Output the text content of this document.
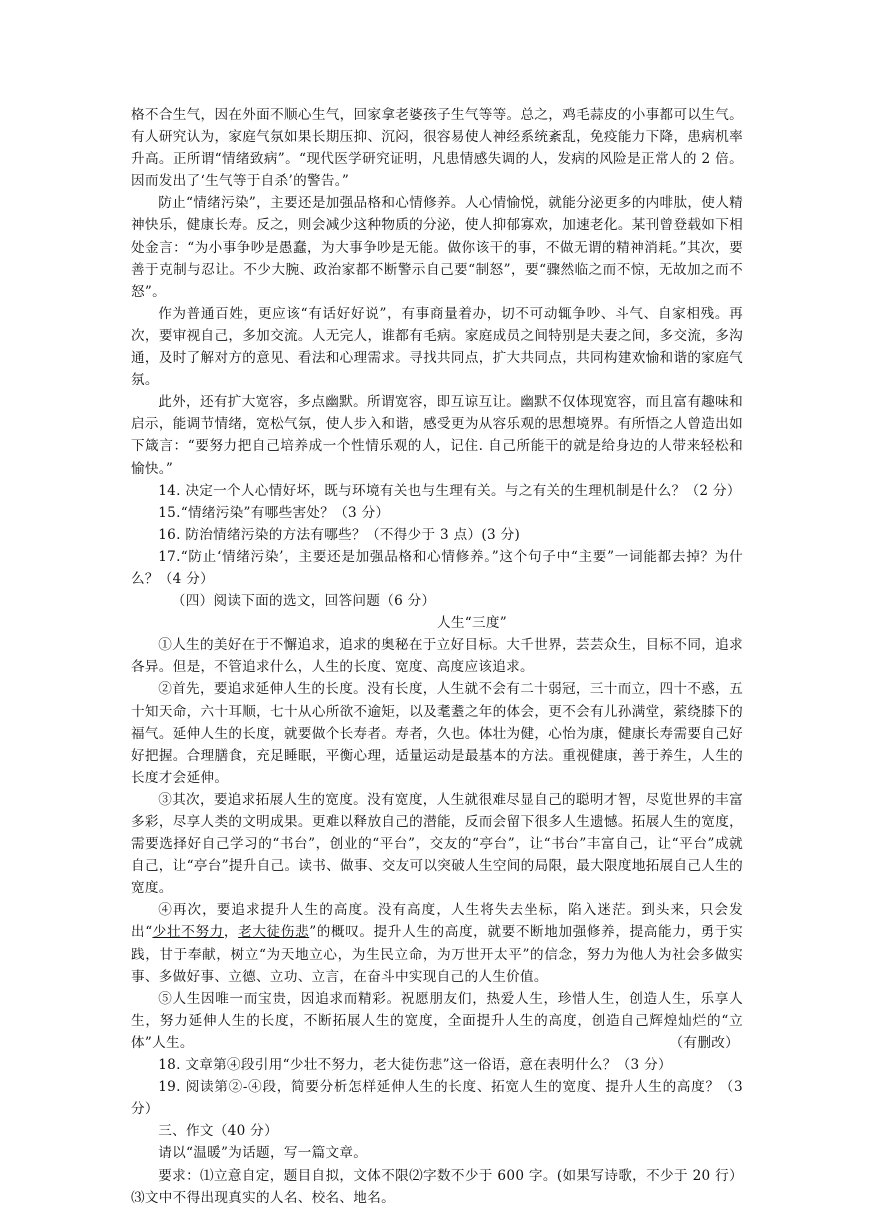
格不合生气，因在外面不顺心生气，回家拿老婆孩子生气等等。总之，鸡毛蒜皮的小事都可以生气。有人研究认为，家庭气氛如果长期压抑、沉闷，很容易使人神经系统紊乱，免疫能力下降，患病机率升高。正所谓“情绪致病”。“现代医学研究证明，凡患情感失调的人，发病的风险是正常人的 2 倍。因而发出了‘生气等于自杀’的警告。”

防止“情绪污染”，主要还是加强品格和心情修养。人心情愉悦，就能分泌更多的内啡肽，使人精神快乐，健康长寿。反之，则会减少这种物质的分泌，使人抑郁寡欢，加速老化。某刊曾登载如下相处金言：“为小事争吵是愚蠢，为大事争吵是无能。做你该干的事，不做无谓的精神消耗。”其次，要善于克制与忍让。不少大腕、政治家都不断警示自己要“制怒”，要“骤然临之而不惊，无故加之而不怒”。

作为普通百姓，更应该“有话好好说”，有事商量着办，切不可动辄争吵、斗气、自家相残。再次，要审视自己，多加交流。人无完人，谁都有毛病。家庭成员之间特别是夫妻之间，多交流，多沟通，及时了解对方的意见、看法和心理需求。寻找共同点，扩大共同点，共同构建欢愉和谐的家庭气氛。

此外，还有扩大宽容，多点幽默。所谓宽容，即互谅互让。幽默不仅体现宽容，而且富有趣味和启示，能调节情绪，宽松气氛，使人步入和谐，感受更为从容乐观的思想境界。有所悟之人曾造出如下箴言：“要努力把自己培养成一个性情乐观的人，记住. 自己所能干的就是给身边的人带来轻松和愉快。”

14. 决定一个人心情好坏，既与环境有关也与生理有关。与之有关的生理机制是什么？（2 分）

15.“情绪污染”有哪些害处？（3 分）

16. 防治情绪污染的方法有哪些？（不得少于 3 点）(3 分)

17.“防止‘情绪污染’，主要还是加强品格和心情修养。”这个句子中“主要”一词能都去掉？为什么？（4 分）

（四）阅读下面的选文，回答问题（6 分）

人生“三度”

①人生的美好在于不懈追求，追求的奥秘在于立好目标。大千世界，芸芸众生，目标不同，追求各异。但是，不管追求什么，人生的长度、宽度、高度应该追求。

②首先，要追求延伸人生的长度。没有长度，人生就不会有二十弱冠，三十而立，四十不惑，五十知天命，六十耳顺，七十从心所欲不逾矩，以及耄耋之年的体会，更不会有儿孙满堂，萦绕膝下的福气。延伸人生的长度，就要做个长寿者。寿者，久也。体壮为健，心怡为康，健康长寿需要自己好好把握。合理膳食，充足睡眠，平衡心理，适量运动是最基本的方法。重视健康，善于养生，人生的长度才会延伸。

③其次，要追求拓展人生的宽度。没有宽度，人生就很难尽显自己的聪明才智，尽览世界的丰富多彩，尽享人类的文明成果。更难以释放自己的潜能，反而会留下很多人生遗憾。拓展人生的宽度，需要选择好自己学习的“书台”，创业的“平台”，交友的“亭台”，让“书台”丰富自己，让“平台”成就自己，让“亭台”提升自己。读书、做事、交友可以突破人生空间的局限，最大限度地拓展自己人生的宽度。

④再次，要追求提升人生的高度。没有高度，人生将失去坐标，陷入迷茫。到头来，只会发出“少壮不努力，老大徒伤悲”的概叹。提升人生的高度，就要不断地加强修养，提高能力，勇于实践，甘于奉献，树立“为天地立心，为生民立命，为万世开太平”的信念，努力为他人为社会多做实事、多做好事、立德、立功、立言，在奋斗中实现自己的人生价值。

⑤人生因唯一而宝贵，因追求而精彩。祝愿朋友们，热爱人生，珍惜人生，创造人生，乐享人生，努力延伸人生的长度，不断拓展人生的宽度，全面提升人生的高度，创造自己辉煌灿烂的“立体”人生。	（有删改）

18. 文章第④段引用“少壮不努力，老大徒伤悲”这一俗语，意在表明什么？（3 分）

19. 阅读第②-④段，简要分析怎样延伸人生的长度、拓宽人生的宽度、提升人生的高度？（3 分）

三、作文（40 分）

请以“温暖”为话题，写一篇文章。

要求：⑴立意自定，题目自拟，文体不限⑵字数不少于 600 字。(如果写诗歌，不少于 20 行）⑶文中不得出现真实的人名、校名、地名。
